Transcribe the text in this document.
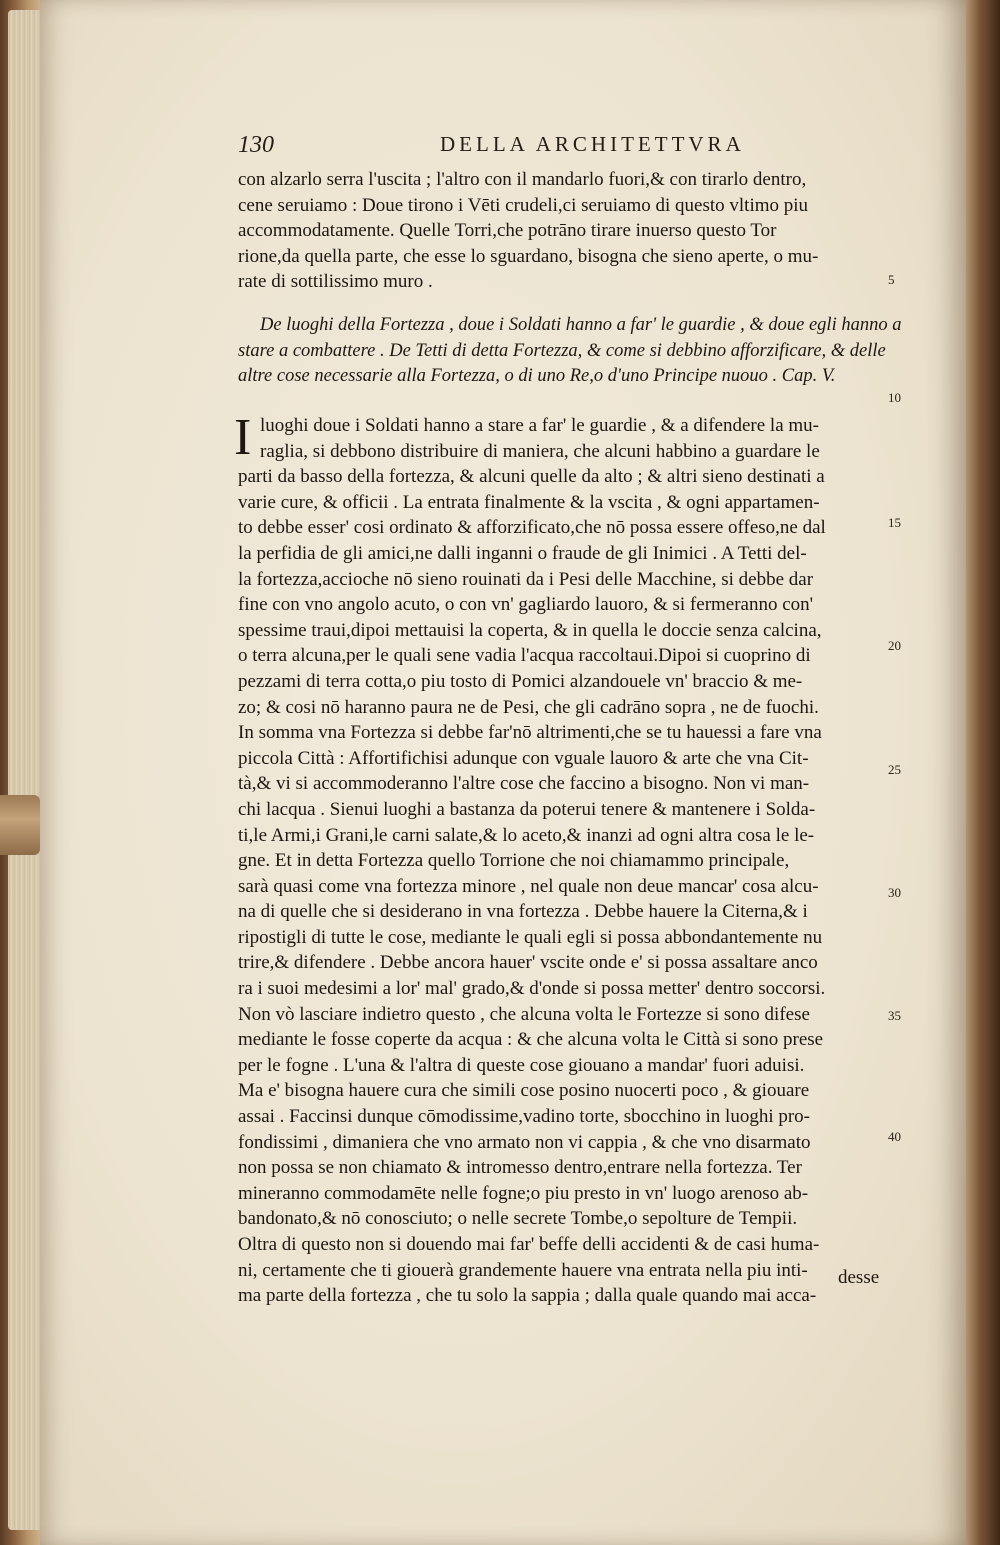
130	DELLA ARCHITETTVRA
con alzarlo serra l'uscita ; l'altro con il mandarlo fuori,& con tirarlo dentro,
cene seruiamo : Doue tirono i Vēti crudeli,ci seruiamo di questo vltimo piu
accommodatamente. Quelle Torri,che potrāno tirare inuerso questo Tor
rione,da quella parte, che esse lo sguardano, bisogna che sieno aperte, o mu-
rate di sottilissimo muro .
De luoghi della Fortezza , doue i Soldati hanno a far' le guardie , & doue egli hanno a
stare a combattere . De Tetti di detta Fortezza, & come si debbino afforzificare, & delle
altre cose necessarie alla Fortezza, o di uno Re,o d'uno Principe nuouo . Cap. V.
I luoghi doue i Soldati hanno a stare a far' le guardie , & a difendere la mu-
raglia, si debbono distribuire di maniera, che alcuni habbino a guardare le
parti da basso della fortezza, & alcuni quelle da alto ; & altri sieno destinati a
varie cure, & officii . La entrata finalmente & la vscita , & ogni appartamen-
to debbe esser' cosi ordinato & afforzificato,che nō possa essere offeso,ne dal
la perfidia de gli amici,ne dalli inganni o fraude de gli Inimici . A Tetti del-
la fortezza,accioche nō sieno rouinati da i Pesi delle Macchine, si debbe dar
fine con vno angolo acuto, o con vn' gagliardo lauoro, & si fermeranno con'
spessime traui,dipoi mettauisi la coperta, & in quella le doccie senza calcina,
o terra alcuna,per le quali sene vadia l'acqua raccoltaui.Dipoi si cuoprino di
pezzami di terra cotta,o piu tosto di Pomici alzandouele vn' braccio & me-
zo; & cosi nō haranno paura ne de Pesi, che gli cadrāno sopra , ne de fuochi.
In somma vna Fortezza si debbe far'nō altrimenti,che se tu hauessi a fare vna
piccola Città : Affortifichisi adunque con vguale lauoro & arte che vna Cit-
tà,& vi si accommoderanno l'altre cose che faccino a bisogno. Non vi man-
chi lacqua . Sienui luoghi a bastanza da poterui tenere & mantenere i Solda-
ti,le Armi,i Grani,le carni salate,& lo aceto,& inanzi ad ogni altra cosa le le-
gne. Et in detta Fortezza quello Torrione che noi chiamammo principale,
sarà quasi come vna fortezza minore , nel quale non deue mancar' cosa alcu-
na di quelle che si desiderano in vna fortezza . Debbe hauere la Citerna,& i
ripostigli di tutte le cose, mediante le quali egli si possa abbondantemente nu
trire,& difendere . Debbe ancora hauer' vscite onde e' si possa assaltare anco
ra i suoi medesimi a lor' mal' grado,& d'onde si possa metter' dentro soccorsi.
Non vò lasciare indietro questo , che alcuna volta le Fortezze si sono difese
mediante le fosse coperte da acqua : & che alcuna volta le Città si sono prese
per le fogne . L'una & l'altra di queste cose giouano a mandar' fuori aduisi.
Ma e' bisogna hauere cura che simili cose posino nuocerti poco , & giouare
assai . Faccinsi dunque cōmodissime,vadino torte, sbocchino in luoghi pro-
fondissimi , dimaniera che vno armato non vi cappia , & che vno disarmato
non possa se non chiamato & intromesso dentro,entrare nella fortezza. Ter
mineranno commodamēte nelle fogne;o piu presto in vn' luogo arenoso ab-
bandonato,& nō conosciuto; o nelle secrete Tombe,o sepolture de Tempii.
Oltra di questo non si douendo mai far' beffe delli accidenti & de casi huma-
ni, certamente che ti giouerà grandemente hauere vna entrata nella piu inti-
ma parte della fortezza , che tu solo la sappia ; dalla quale quando mai acca-
desse
5
10
15
20
25
30
35
40
